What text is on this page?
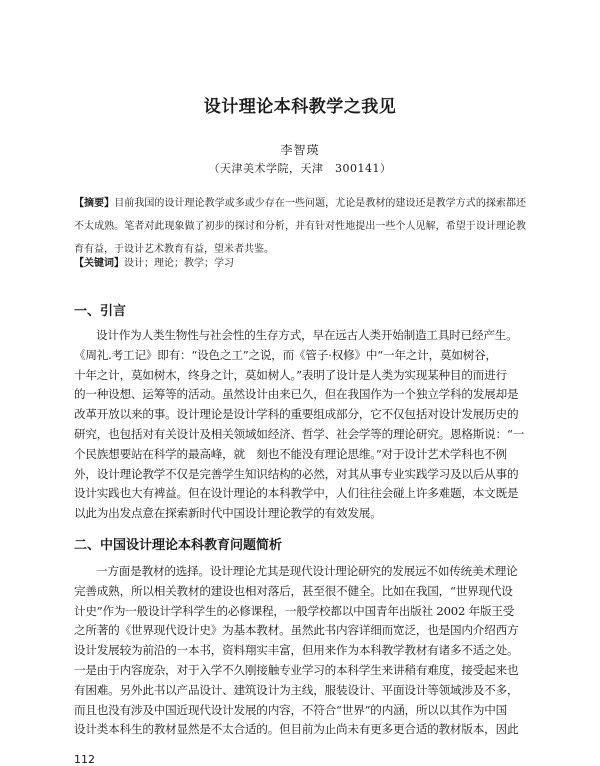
设计理论本科教学之我见
李智瑛
（天津美术学院，天津　300141）
【摘要】目前我国的设计理论教学或多或少存在一些问题，尤论是教材的建设还是教学方式的探索都还不太成熟。笔者对此现象做了初步的探讨和分析，并有针对性地提出一些个人见解，希望于设计理论教育有益，于设计艺术教育有益，望米者共鉴。
【关键词】设计；理论；教学；学习
一、引言
设计作为人类生物性与社会性的生存方式，早在远古人类开始制造工具时已经产生。
《周礼.考工记》即有：“设色之工”之说，而《管子·权修》中“一年之计，莫如树谷，
十年之计，莫如树木，终身之计，莫如树人。”表明了设计是人类为实现某种目的而进行
的一种设想、运筹等的活动。虽然设计由来已久，但在我国作为一个独立学科的发展却是
改革开放以来的事。设计理论是设计学科的重要组成部分，它不仅包括对设计发展历史的
研究，也包括对有关设计及相关领域如经济、哲学、社会学等的理论研究。恩格斯说：“一
个民族想要站在科学的最高峰，就　刻也不能没有理论思维。”对于设计艺术学科也不例
外，设计理论教学不仅是完善学生知识结构的必然，对其从事专业实践学习及以后从事的
设计实践也大有裨益。但在设计理论的本科教学中，人们往往会碰上许多难题，本文既是
以此为出发点意在探索新时代中国设计理论教学的有效发展。
二、中国设计理论本科教育问题简析
一方面是教材的选择。设计理论尤其是现代设计理论研究的发展远不如传统美术理论
完善成熟，所以相关教材的建设也相对落后，甚至很不健全。比如在我国，“世界现代设
计史”作为一般设计学科学生的必修课程，一般学校都以中国青年出版社 2002 年版王受
之所著的《世界现代设计史》为基本教材。虽然此书内容详细而宽泛，也是国内介绍西方
设计发展较为前沿的一本书，资料翔实丰富，但用来作为本科教学教材有诸多不适之处。
一是由于内容庞杂，对于入学不久刚接触专业学习的本科学生来讲稍有难度，接受起来也
有困难。另外此书以产品设计、建筑设计为主线，服装设计、平面设计等领域涉及不多，
而且也没有涉及中国近现代设计发展的内容，不符合“世界”的内涵，所以以其作为中国
设计类本科生的教材显然是不太合适的。但目前为止尚未有更多更合适的教材版本，因此
112
